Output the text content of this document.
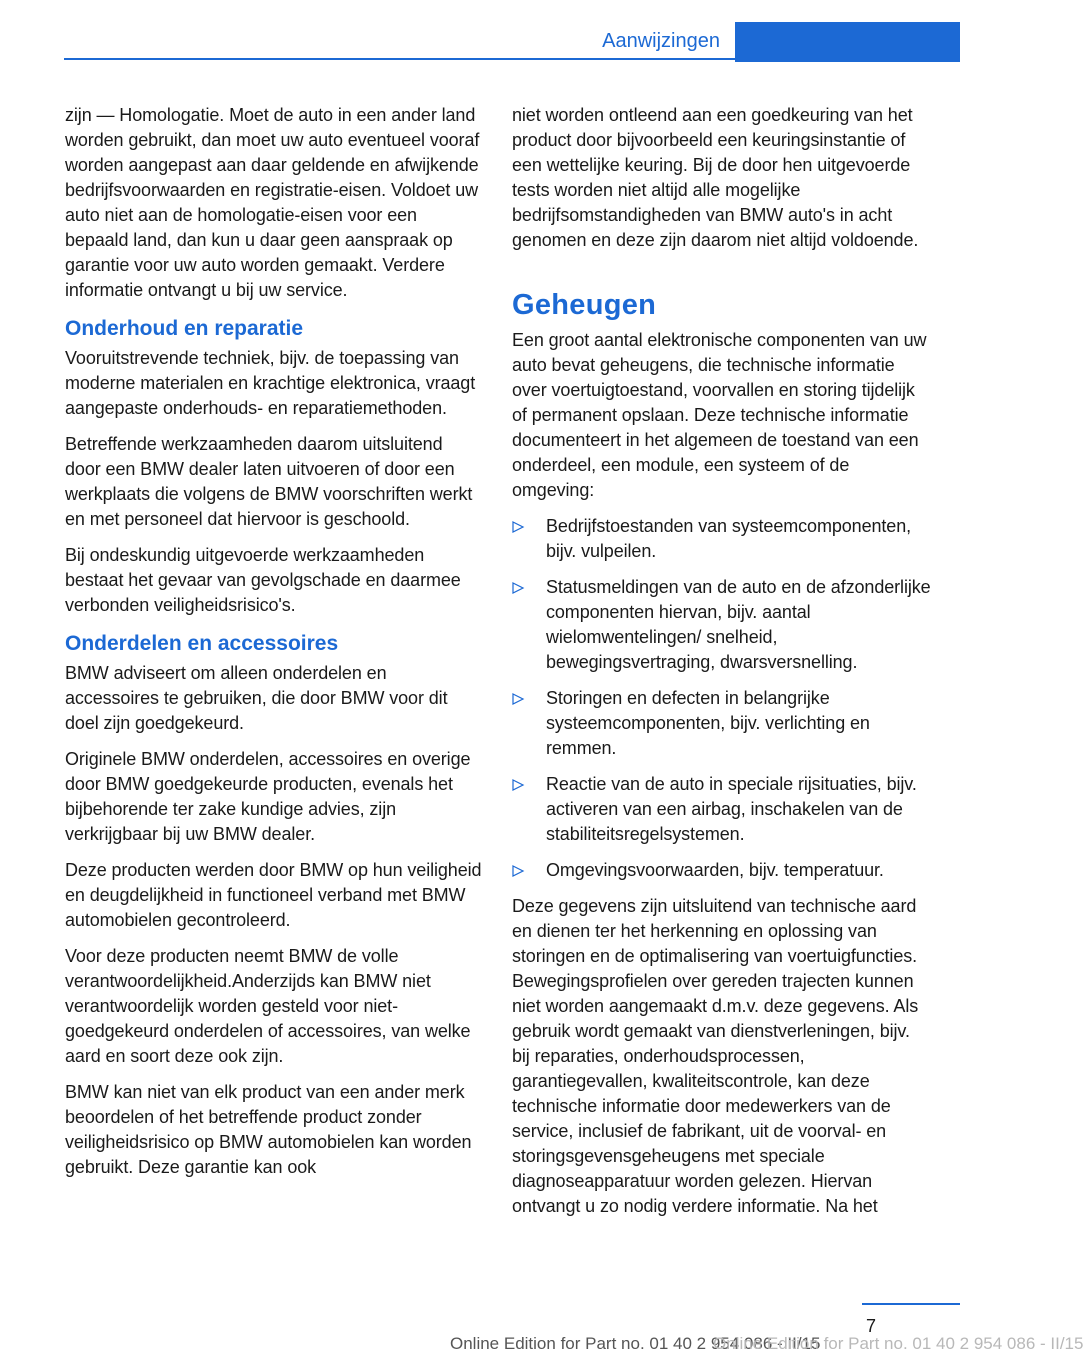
Aanwijzingen

zijn — Homologatie. Moet de auto in een ander land worden gebruikt, dan moet uw auto eventueel vooraf worden aangepast aan daar geldende en afwijkende bedrijfsvoorwaarden en registratie-eisen. Voldoet uw auto niet aan de homologatie-eisen voor een bepaald land, dan kun u daar geen aanspraak op garantie voor uw auto worden gemaakt. Verdere informatie ontvangt u bij uw service.

Onderhoud en reparatie

Vooruitstrevende techniek, bijv. de toepassing van moderne materialen en krachtige elektronica, vraagt aangepaste onderhouds- en reparatiemethoden.

Betreffende werkzaamheden daarom uitsluitend door een BMW dealer laten uitvoeren of door een werkplaats die volgens de BMW voorschriften werkt en met personeel dat hiervoor is geschoold.

Bij ondeskundig uitgevoerde werkzaamheden bestaat het gevaar van gevolgschade en daarmee verbonden veiligheidsrisico's.

Onderdelen en accessoires

BMW adviseert om alleen onderdelen en accessoires te gebruiken, die door BMW voor dit doel zijn goedgekeurd.

Originele BMW onderdelen, accessoires en overige door BMW goedgekeurde producten, evenals het bijbehorende ter zake kundige advies, zijn verkrijgbaar bij uw BMW dealer.

Deze producten werden door BMW op hun veiligheid en deugdelijkheid in functioneel verband met BMW automobielen gecontroleerd.

Voor deze producten neemt BMW de volle verantwoordelijkheid.Anderzijds kan BMW niet verantwoordelijk worden gesteld voor niet-goedgekeurd onderdelen of accessoires, van welke aard en soort deze ook zijn.

BMW kan niet van elk product van een ander merk beoordelen of het betreffende product zonder veiligheidsrisico op BMW automobielen kan worden gebruikt. Deze garantie kan ook

niet worden ontleend aan een goedkeuring van het product door bijvoorbeeld een keuringsinstantie of een wettelijke keuring. Bij de door hen uitgevoerde tests worden niet altijd alle mogelijke bedrijfsomstandigheden van BMW auto's in acht genomen en deze zijn daarom niet altijd voldoende.

Geheugen

Een groot aantal elektronische componenten van uw auto bevat geheugens, die technische informatie over voertuigtoestand, voorvallen en storing tijdelijk of permanent opslaan. Deze technische informatie documenteert in het algemeen de toestand van een onderdeel, een module, een systeem of de omgeving:

Bedrijfstoestanden van systeemcomponenten, bijv. vulpeilen.
Statusmeldingen van de auto en de afzonderlijke componenten hiervan, bijv. aantal wielomwentelingen/ snelheid, bewegingsvertraging, dwarsversnelling.
Storingen en defecten in belangrijke systeemcomponenten, bijv. verlichting en remmen.
Reactie van de auto in speciale rijsituaties, bijv. activeren van een airbag, inschakelen van de stabiliteitsregelsystemen.
Omgevingsvoorwaarden, bijv. temperatuur.

Deze gegevens zijn uitsluitend van technische aard en dienen ter het herkenning en oplossing van storingen en de optimalisering van voertuigfuncties. Bewegingsprofielen over gereden trajecten kunnen niet worden aangemaakt d.m.v. deze gegevens. Als gebruik wordt gemaakt van dienstverleningen, bijv. bij reparaties, onderhoudsprocessen, garantiegevallen, kwaliteitscontrole, kan deze technische informatie door medewerkers van de service, inclusief de fabrikant, uit de voorval- en storingsgevensgeheugens met speciale diagnoseapparatuur worden gelezen. Hiervan ontvangt u zo nodig verdere informatie. Na het

7
Online Edition for Part no. 01 40 2 954 086 - II/15
Online Edition for Part no. 01 40 2 954 086 - II/15
